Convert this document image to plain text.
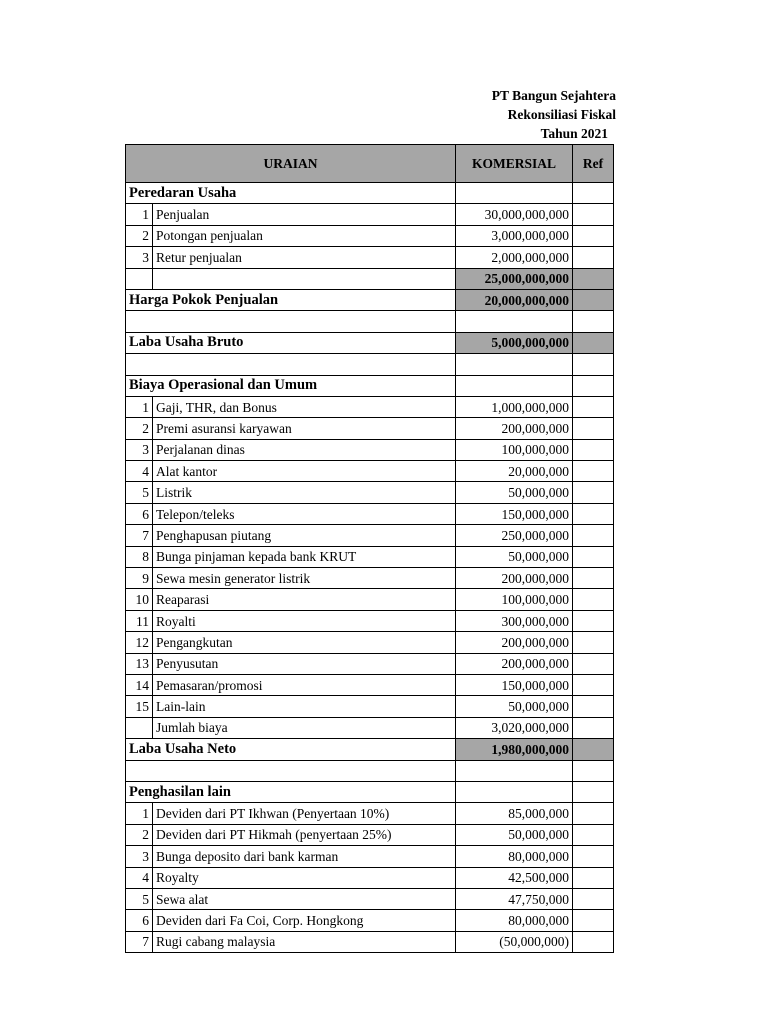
PT Bangun Sejahtera
Rekonsiliasi Fiskal
Tahun 2021
URAIAN		KOMERSIAL	Ref
Peredaran Usaha			
1	Penjualan	30,000,000,000	
2	Potongan penjualan	3,000,000,000	
3	Retur penjualan	2,000,000,000	
		25,000,000,000	
Harga Pokok Penjualan		20,000,000,000	

Laba Usaha Bruto		5,000,000,000	

Biaya Operasional dan Umum			
1	Gaji, THR, dan Bonus	1,000,000,000	
2	Premi asuransi karyawan	200,000,000	
3	Perjalanan dinas	100,000,000	
4	Alat kantor	20,000,000	
5	Listrik	50,000,000	
6	Telepon/teleks	150,000,000	
7	Penghapusan piutang	250,000,000	
8	Bunga pinjaman kepada bank KRUT	50,000,000	
9	Sewa mesin generator listrik	200,000,000	
10	Reaparasi	100,000,000	
11	Royalti	300,000,000	
12	Pengangkutan	200,000,000	
13	Penyusutan	200,000,000	
14	Pemasaran/promosi	150,000,000	
15	Lain-lain	50,000,000	
	Jumlah biaya	3,020,000,000	
Laba Usaha Neto		1,980,000,000	

Penghasilan lain			
1	Deviden dari PT Ikhwan (Penyertaan 10%)	85,000,000	
2	Deviden dari PT Hikmah (penyertaan 25%)	50,000,000	
3	Bunga deposito dari bank karman	80,000,000	
4	Royalty	42,500,000	
5	Sewa alat	47,750,000	
6	Deviden dari Fa Coi, Corp. Hongkong	80,000,000	
7	Rugi cabang malaysia	(50,000,000)	
